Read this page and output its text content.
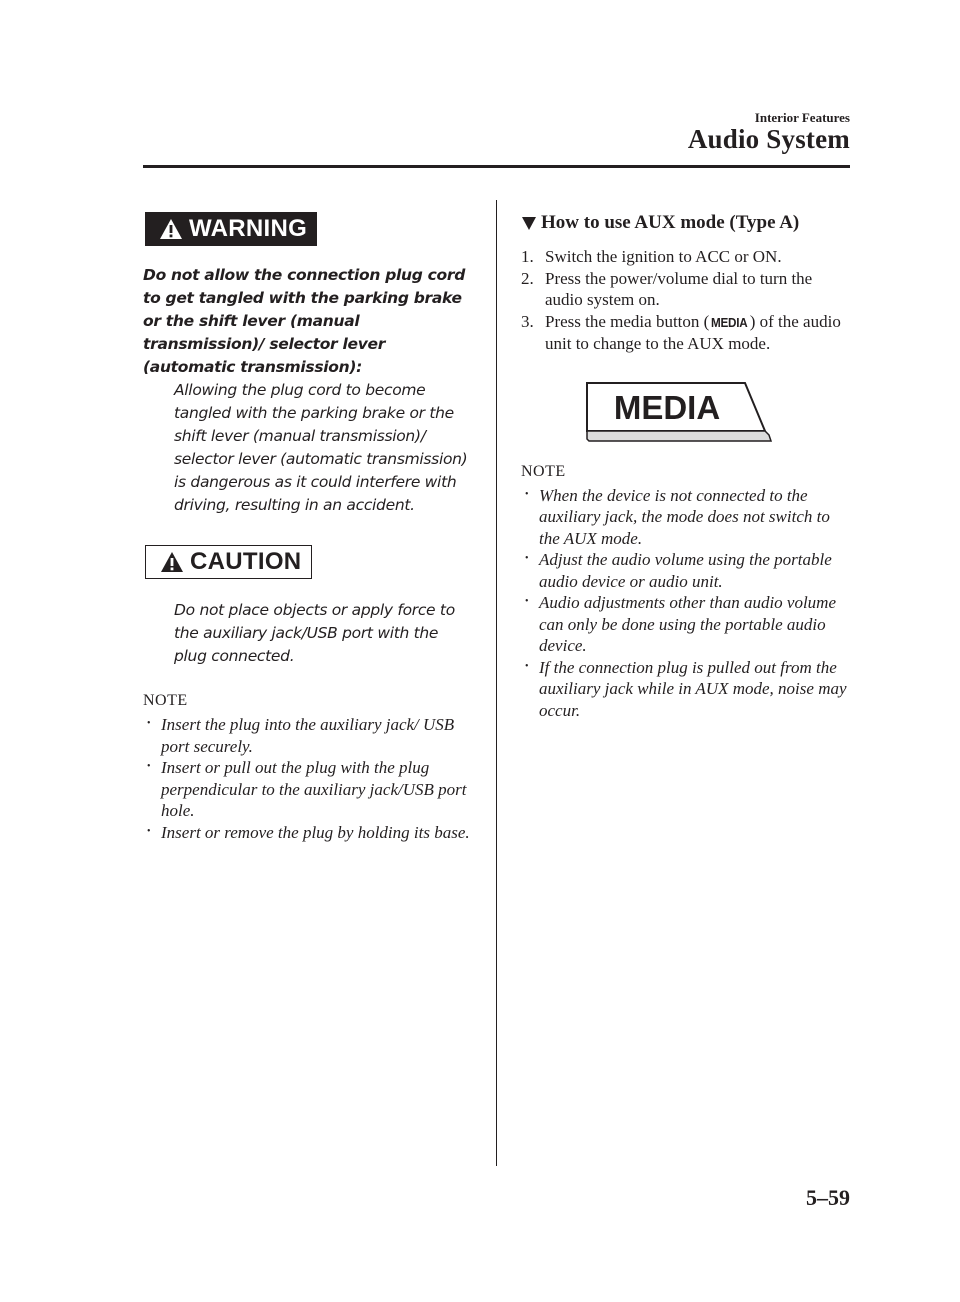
Interior Features
Audio System
WARNING
Do not allow the connection plug cord to get tangled with the parking brake or the shift lever (manual transmission)/ selector lever (automatic transmission):
Allowing the plug cord to become tangled with the parking brake or the shift lever (manual transmission)/ selector lever (automatic transmission) is dangerous as it could interfere with driving, resulting in an accident.
CAUTION
Do not place objects or apply force to the auxiliary jack/USB port with the plug connected.
NOTE
• Insert the plug into the auxiliary jack/ USB port securely.
• Insert or pull out the plug with the plug perpendicular to the auxiliary jack/USB port hole.
• Insert or remove the plug by holding its base.
How to use AUX mode (Type A)
1. Switch the ignition to ACC or ON.
2. Press the power/volume dial to turn the audio system on.
3. Press the media button ( MEDIA ) of the audio unit to change to the AUX mode.
MEDIA
NOTE
• When the device is not connected to the auxiliary jack, the mode does not switch to the AUX mode.
• Adjust the audio volume using the portable audio device or audio unit.
• Audio adjustments other than audio volume can only be done using the portable audio device.
• If the connection plug is pulled out from the auxiliary jack while in AUX mode, noise may occur.
5–59
